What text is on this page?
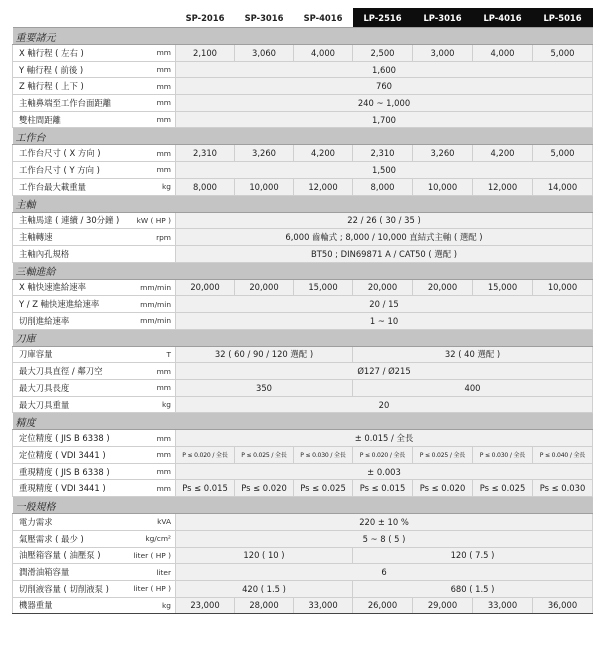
		SP-2016	SP-3016	SP-4016	LP-2516	LP-3016	LP-4016	LP-5016
重要諸元								
X 軸行程 ( 左右 )	mm	2,100	3,060	4,000	2,500	3,000	4,000	5,000
Y 軸行程 ( 前後 )	mm	1,600						
Z 軸行程 ( 上下 )	mm	760						
主軸鼻端至工作台面距離	mm	240 ~ 1,000						
雙柱間距離	mm	1,700						
工作台								
工作台尺寸 ( X 方向 )	mm	2,310	3,260	4,200	2,310	3,260	4,200	5,000
工作台尺寸 ( Y 方向 )	mm	1,500						
工作台最大載重量	kg	8,000	10,000	12,000	8,000	10,000	12,000	14,000
主軸								
主軸馬達 ( 連續 / 30分鐘 )	kW ( HP )	22 / 26 ( 30 / 35 )						
主軸轉速	rpm	6,000 齒輪式 ; 8,000 / 10,000 直結式主軸 ( 選配 )						
主軸內孔規格		BT50 ; DIN69871 A / CAT50 ( 選配 )						
三軸進給								
X 軸快速進給速率	mm/min	20,000	20,000	15,000	20,000	20,000	15,000	10,000
Y / Z 軸快速進給速率	mm/min	20 / 15						
切削進給速率	mm/min	1 ~ 10						
刀庫								
刀庫容量	T	32 ( 60 / 90 / 120 選配 )			32 ( 40 選配 )			
最大刀具直徑 / 鄰刀空	mm	Ø127 / Ø215						
最大刀具長度	mm	350			400			
最大刀具重量	kg	20						
精度								
定位精度 ( JIS B 6338 )	mm	± 0.015 / 全長						
定位精度 ( VDI 3441 )	mm	P ≤ 0.020 / 全長	P ≤ 0.025 / 全長	P ≤ 0.030 / 全長	P ≤ 0.020 / 全長	P ≤ 0.025 / 全長	P ≤ 0.030 / 全長	P ≤ 0.040 / 全長
重現精度 ( JIS B 6338 )	mm	± 0.003						
重現精度 ( VDI 3441 )	mm	Ps ≤ 0.015	Ps ≤ 0.020	Ps ≤ 0.025	Ps ≤ 0.015	Ps ≤ 0.020	Ps ≤ 0.025	Ps ≤ 0.030
一般規格								
電力需求	kVA	220 ± 10 %						
氣壓需求 ( 最少 )	kg/cm²	5 ~ 8 ( 5 )						
油壓箱容量 ( 油壓泵 )	liter ( HP )	120 ( 10 )			120 ( 7.5 )			
潤滑油箱容量	liter	6						
切削液容量 ( 切削液泵 )	liter ( HP )	420 ( 1.5 )			680 ( 1.5 )			
機器重量	kg	23,000	28,000	33,000	26,000	29,000	33,000	36,000
